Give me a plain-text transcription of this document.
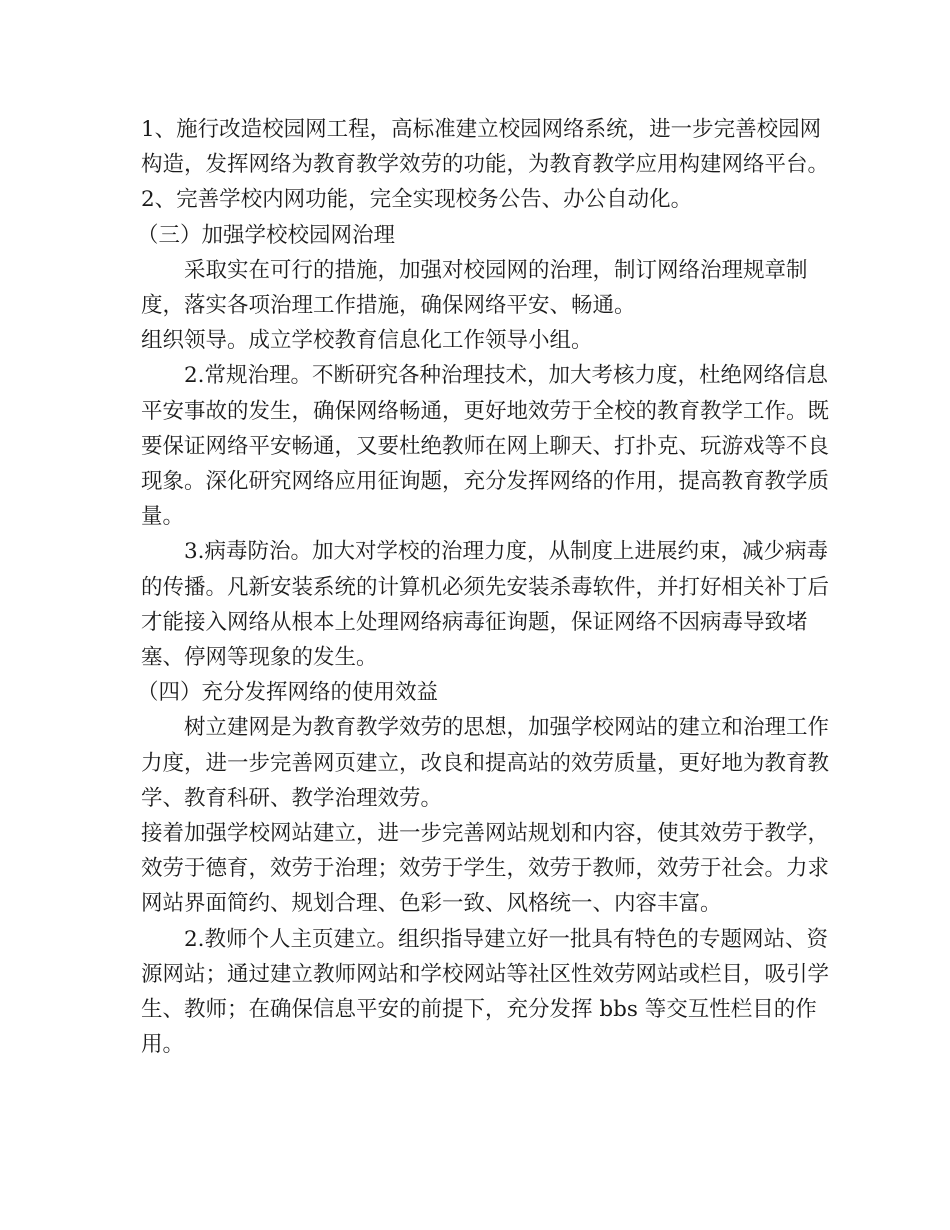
1、施行改造校园网工程，高标准建立校园网络系统，进一步完善校园网构造，发挥网络为教育教学效劳的功能，为教育教学应用构建网络平台。

2、完善学校内网功能，完全实现校务公告、办公自动化。

（三）加强学校校园网治理

采取实在可行的措施，加强对校园网的治理，制订网络治理规章制度，落实各项治理工作措施，确保网络平安、畅通。

组织领导。成立学校教育信息化工作领导小组。

2.常规治理。不断研究各种治理技术，加大考核力度，杜绝网络信息平安事故的发生，确保网络畅通，更好地效劳于全校的教育教学工作。既要保证网络平安畅通，又要杜绝教师在网上聊天、打扑克、玩游戏等不良现象。深化研究网络应用征询题，充分发挥网络的作用，提高教育教学质量。

3.病毒防治。加大对学校的治理力度，从制度上进展约束，减少病毒的传播。凡新安装系统的计算机必须先安装杀毒软件，并打好相关补丁后才能接入网络从根本上处理网络病毒征询题，保证网络不因病毒导致堵塞、停网等现象的发生。

（四）充分发挥网络的使用效益

树立建网是为教育教学效劳的思想，加强学校网站的建立和治理工作力度，进一步完善网页建立，改良和提高站的效劳质量，更好地为教育教学、教育科研、教学治理效劳。

接着加强学校网站建立，进一步完善网站规划和内容，使其效劳于教学，效劳于德育，效劳于治理；效劳于学生，效劳于教师，效劳于社会。力求网站界面简约、规划合理、色彩一致、风格统一、内容丰富。

2.教师个人主页建立。组织指导建立好一批具有特色的专题网站、资源网站；通过建立教师网站和学校网站等社区性效劳网站或栏目，吸引学生、教师；在确保信息平安的前提下，充分发挥 bbs 等交互性栏目的作用。
